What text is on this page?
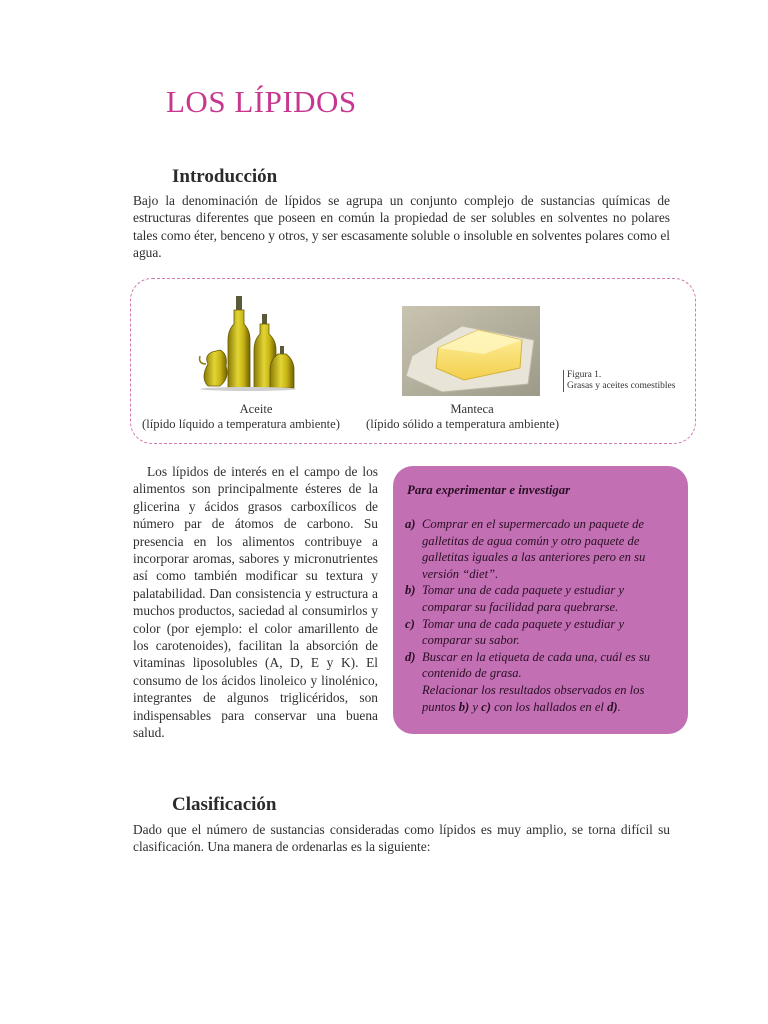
LOS LÍPIDOS
Introducción

Bajo la denominación de lípidos se agrupa un conjunto complejo de sustancias químicas de estructuras diferentes que poseen en común la propiedad de ser solubles en solventes no polares tales como éter, benceno y otros, y ser escasamente soluble o insoluble en solventes polares como el agua.

Aceite
(lípido líquido a temperatura ambiente)
Manteca
(lípido sólido a temperatura ambiente)
Figura 1.
Grasas y aceites comestibles

Los lípidos de interés en el campo de los alimentos son principalmente ésteres de la glicerina y ácidos grasos carboxílicos de número par de átomos de carbono. Su presencia en los alimentos contribuye a incorporar aromas, sabores y micronutrientes así como también modificar su textura y palatabilidad. Dan consistencia y estructura a muchos productos, saciedad al consumirlos y color (por ejemplo: el color amarillento de los carotenoides), facilitan la absorción de vitaminas liposolubles (A, D, E y K). El consumo de los ácidos linoleico y linolénico, integrantes de algunos triglicéridos, son indispensables para conservar una buena salud.

Para experimentar e investigar

a) Comprar en el supermercado un paquete de galletitas de agua común y otro paquete de galletitas iguales a las anteriores pero en su versión “diet”.

b) Tomar una de cada paquete y estudiar y comparar su facilidad para quebrarse.

c) Tomar una de cada paquete y estudiar y comparar su sabor.

d) Buscar en la etiqueta de cada una, cuál es su contenido de grasa.

Relacionar los resultados observados en los puntos b) y c) con los hallados en el d).

Clasificación

Dado que el número de sustancias consideradas como lípidos es muy amplio, se torna difícil su clasificación. Una manera de ordenarlas es la siguiente:
